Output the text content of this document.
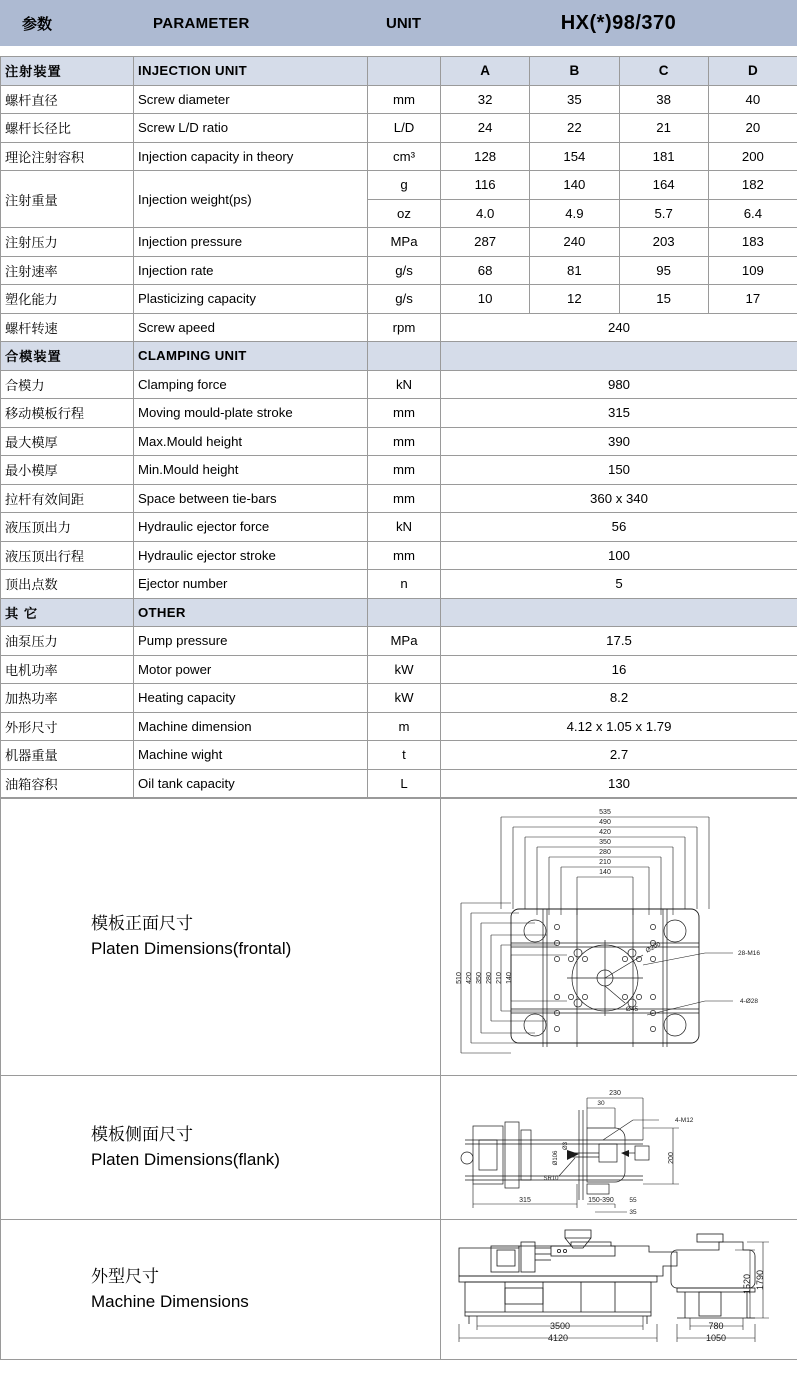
参数	PARAMETER	UNIT	HX(*)98/370
注射装置	INJECTION UNIT		A	B	C	D
螺杆直径	Screw diameter	mm	32	35	38	40
螺杆长径比	Screw L/D ratio	L/D	24	22	21	20
理论注射容积	Injection capacity in theory	cm³	128	154	181	200
注射重量	Injection weight(ps)	g	116	140	164	182
		oz	4.0	4.9	5.7	6.4
注射压力	Injection pressure	MPa	287	240	203	183
注射速率	Injection rate	g/s	68	81	95	109
塑化能力	Plasticizing capacity	g/s	10	12	15	17
螺杆转速	Screw apeed	rpm	240			
合模装置	CLAMPING UNIT					
合模力	Clamping force	kN	980			
移动模板行程	Moving mould-plate stroke	mm	315			
最大模厚	Max.Mould height	mm	390			
最小模厚	Min.Mould height	mm	150			
拉杆有效间距	Space between tie-bars	mm	360 x 340			
液压顶出力	Hydraulic ejector force	kN	56			
液压顶出行程	Hydraulic ejector stroke	mm	100			
顶出点数	Ejector number	n	5			
其 它	OTHER					
油泵压力	Pump pressure	MPa	17.5			
电机功率	Motor power	kW	16			
加热功率	Heating capacity	kW	8.2			
外形尺寸	Machine dimension	m	4.12 x 1.05 x 1.79			
机器重量	Machine wight	t	2.7			
油箱容积	Oil tank capacity	L	130			
模板正面尺寸
Platen Dimensions(frontal)

535
490
420
350
280
210
140
510 420 350 280 210 140
Ø200
Ø45
28-M16
4-Ø28

模板侧面尺寸
Platen Dimensions(flank)

230
30
200
315	150-390 55
35
4-M12
Ø106
Ø3
SR10

外型尺寸
Machine Dimensions

3500
4120
780
1050
1520 1790
